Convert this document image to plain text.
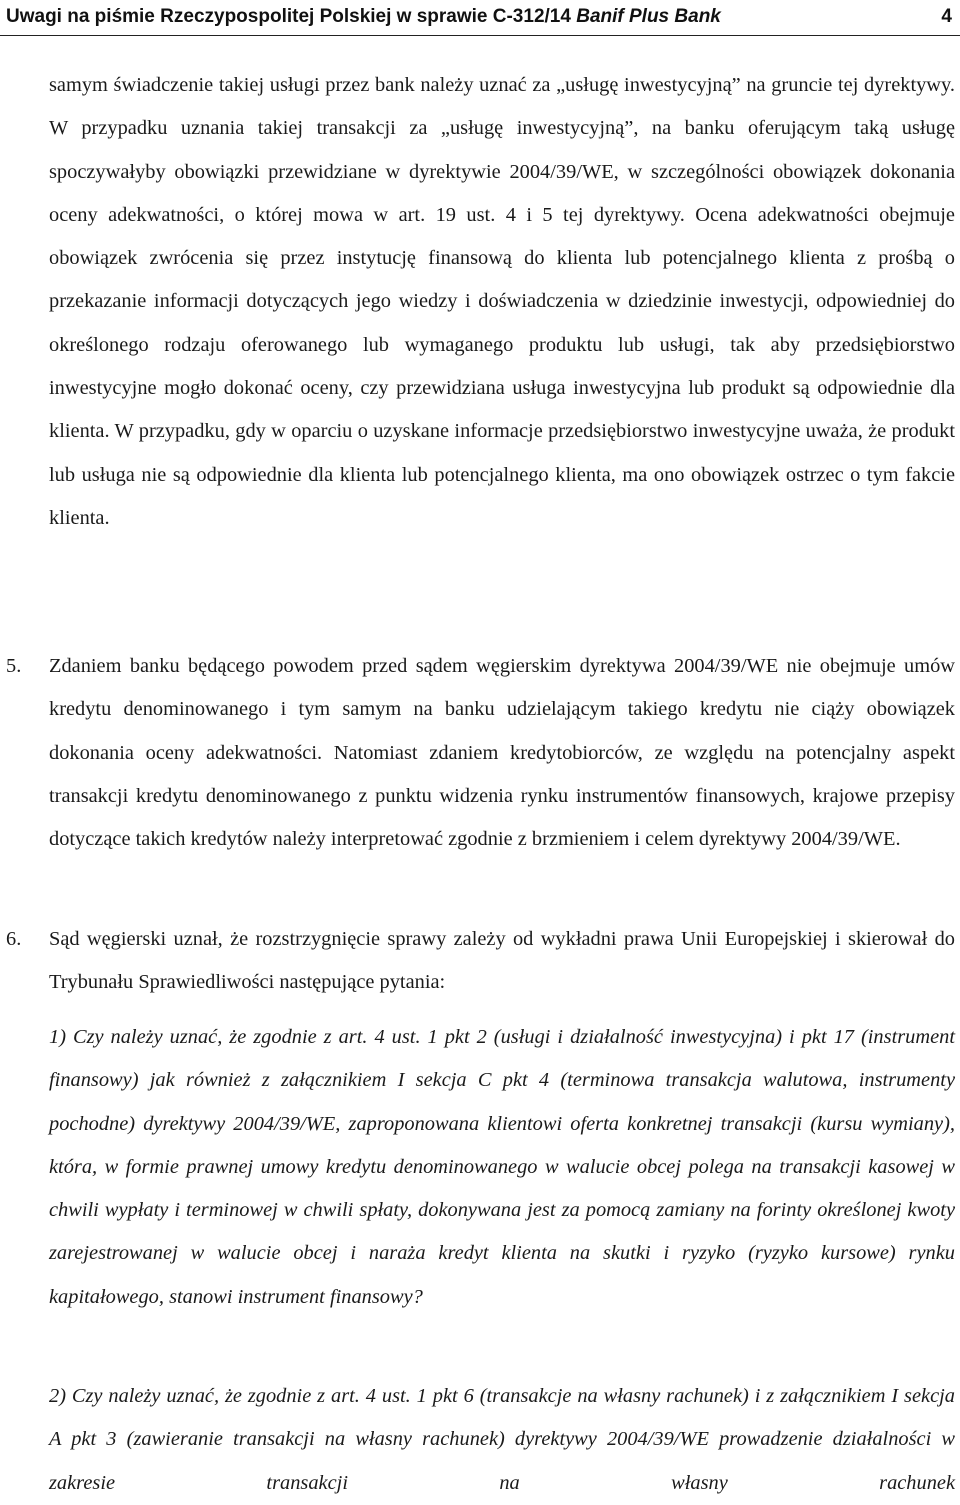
Uwagi na piśmie Rzeczypospolitej Polskiej w sprawie C-312/14 Banif Plus Bank	4
samym świadczenie takiej usługi przez bank należy uznać za „usługę inwestycyjną” na gruncie tej dyrektywy. W przypadku uznania takiej transakcji za „usługę inwestycyjną”, na banku oferującym taką usługę spoczywałyby obowiązki przewidziane w dyrektywie 2004/39/WE, w szczególności obowiązek dokonania oceny adekwatności, o której mowa w art. 19 ust. 4 i 5 tej dyrektywy. Ocena adekwatności obejmuje obowiązek zwrócenia się przez instytucję finansową do klienta lub potencjalnego klienta z prośbą o przekazanie informacji dotyczących jego wiedzy i doświadczenia w dziedzinie inwestycji, odpowiedniej do określonego rodzaju oferowanego lub wymaganego produktu lub usługi, tak aby przedsiębiorstwo inwestycyjne mogło dokonać oceny, czy przewidziana usługa inwestycyjna lub produkt są odpowiednie dla klienta. W przypadku, gdy w oparciu o uzyskane informacje przedsiębiorstwo inwestycyjne uważa, że produkt lub usługa nie są odpowiednie dla klienta lub potencjalnego klienta, ma ono obowiązek ostrzec o tym fakcie klienta.
5. Zdaniem banku będącego powodem przed sądem węgierskim dyrektywa 2004/39/WE nie obejmuje umów kredytu denominowanego i tym samym na banku udzielającym takiego kredytu nie ciąży obowiązek dokonania oceny adekwatności. Natomiast zdaniem kredytobiorców, ze względu na potencjalny aspekt transakcji kredytu denominowanego z punktu widzenia rynku instrumentów finansowych, krajowe przepisy dotyczące takich kredytów należy interpretować zgodnie z brzmieniem i celem dyrektywy 2004/39/WE.
6. Sąd węgierski uznał, że rozstrzygnięcie sprawy zależy od wykładni prawa Unii Europejskiej i skierował do Trybunału Sprawiedliwości następujące pytania:
1) Czy należy uznać, że zgodnie z art. 4 ust. 1 pkt 2 (usługi i działalność inwestycyjna) i pkt 17 (instrument finansowy) jak również z załącznikiem I sekcja C pkt 4 (terminowa transakcja walutowa, instrumenty pochodne) dyrektywy 2004/39/WE, zaproponowana klientowi oferta konkretnej transakcji (kursu wymiany), która, w formie prawnej umowy kredytu denominowanego w walucie obcej polega na transakcji kasowej w chwili wypłaty i terminowej w chwili spłaty, dokonywana jest za pomocą zamiany na forinty określonej kwoty zarejestrowanej w walucie obcej i naraża kredyt klienta na skutki i ryzyko (ryzyko kursowe) rynku kapitałowego, stanowi instrument finansowy?
2) Czy należy uznać, że zgodnie z art. 4 ust. 1 pkt 6 (transakcje na własny rachunek) i z załącznikiem I sekcja A pkt 3 (zawieranie transakcji na własny rachunek) dyrektywy 2004/39/WE prowadzenie działalności w zakresie transakcji na własny rachunek
